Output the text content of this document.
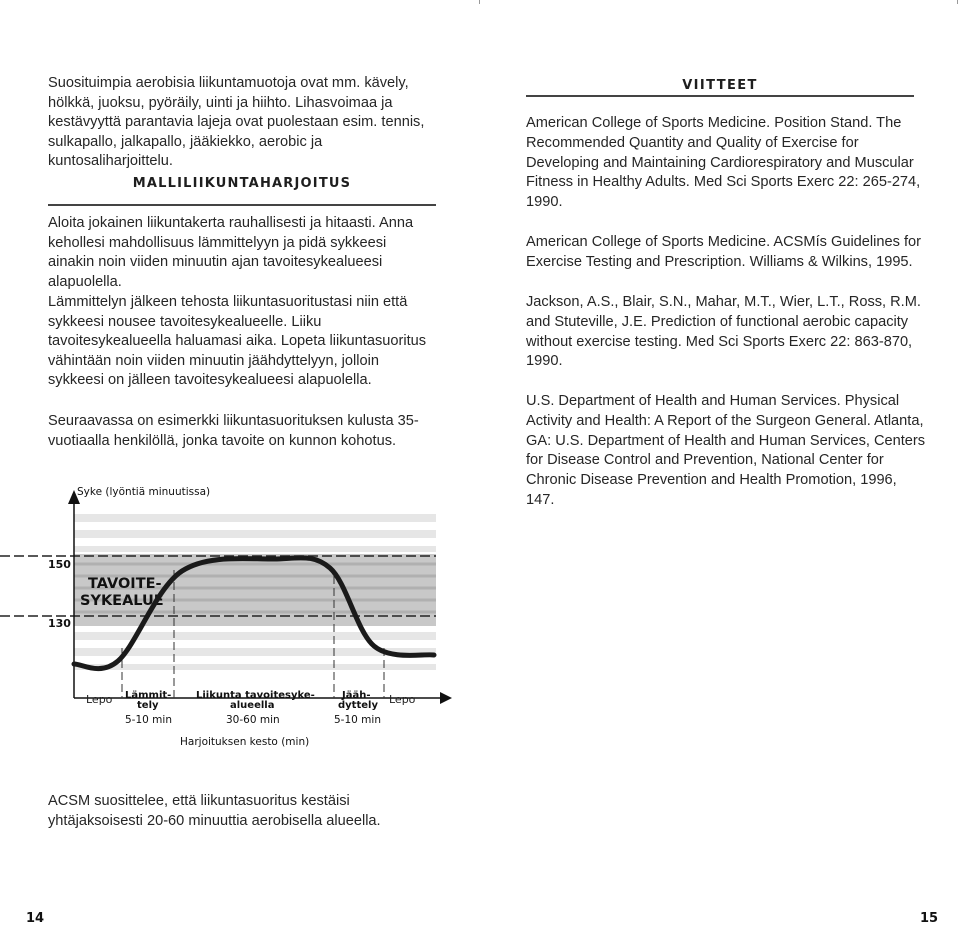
Suosituimpia aerobisia liikuntamuotoja ovat mm. kävely, hölkkä, juoksu, pyöräily, uinti ja hiihto. Lihasvoimaa ja kestävyyttä parantavia lajeja ovat puolestaan esim. tennis, sulkapallo, jalkapallo, jääkiekko, aerobic ja kuntosaliharjoittelu.

MALLILIIKUNTAHARJOITUS

Aloita jokainen liikuntakerta rauhallisesti ja hitaasti. Anna kehollesi mahdollisuus lämmittelyyn ja pidä sykkeesi ainakin noin viiden minuutin ajan tavoitesykealueesi alapuolella.

Lämmittelyn jälkeen tehosta liikuntasuoritustasi niin että sykkeesi nousee tavoitesykealueelle. Liiku tavoitesykealueella haluamasi aika. Lopeta liikuntasuoritus vähintään noin viiden minuutin jäähdyttelyyn, jolloin sykkeesi on jälleen tavoitesykealueesi alapuolella.

Seuraavassa on esimerkki liikuntasuorituksen kulusta 35-vuotiaalla henkilöllä, jonka tavoite on kunnon kohotus.

150
130
Syke (lyöntiä minuutissa)
TAVOITE-
SYKEALUE
Lepo Lämmit-
tely
Liikunta tavoitesyke-
alueella
Jääh-
dyttely Lepo
5-10 min	30-60 min	5-10 min
Harjoituksen kesto (min)

ACSM suosittelee, että liikuntasuoritus kestäisi yhtäjaksoisesti 20-60 minuuttia aerobisella alueella.

14
VIITTEET

American College of Sports Medicine. Position Stand. The Recommended Quantity and Quality of Exercise for Developing and Maintaining Cardiorespiratory and Muscular Fitness in Healthy Adults. Med Sci Sports Exerc 22: 265-274, 1990.

American College of Sports Medicine. ACSMís Guidelines for Exercise Testing and Prescription. Williams & Wilkins, 1995.

Jackson, A.S., Blair, S.N., Mahar, M.T., Wier, L.T., Ross, R.M. and Stuteville, J.E. Prediction of functional aerobic capacity without exercise testing. Med Sci Sports Exerc 22: 863-870, 1990.

U.S. Department of Health and Human Services. Physical Activity and Health: A Report of the Surgeon General. Atlanta, GA: U.S. Department of Health and Human Services, Centers for Disease Control and Prevention, National Center for Chronic Disease Prevention and Health Promotion, 1996, 147.

15
